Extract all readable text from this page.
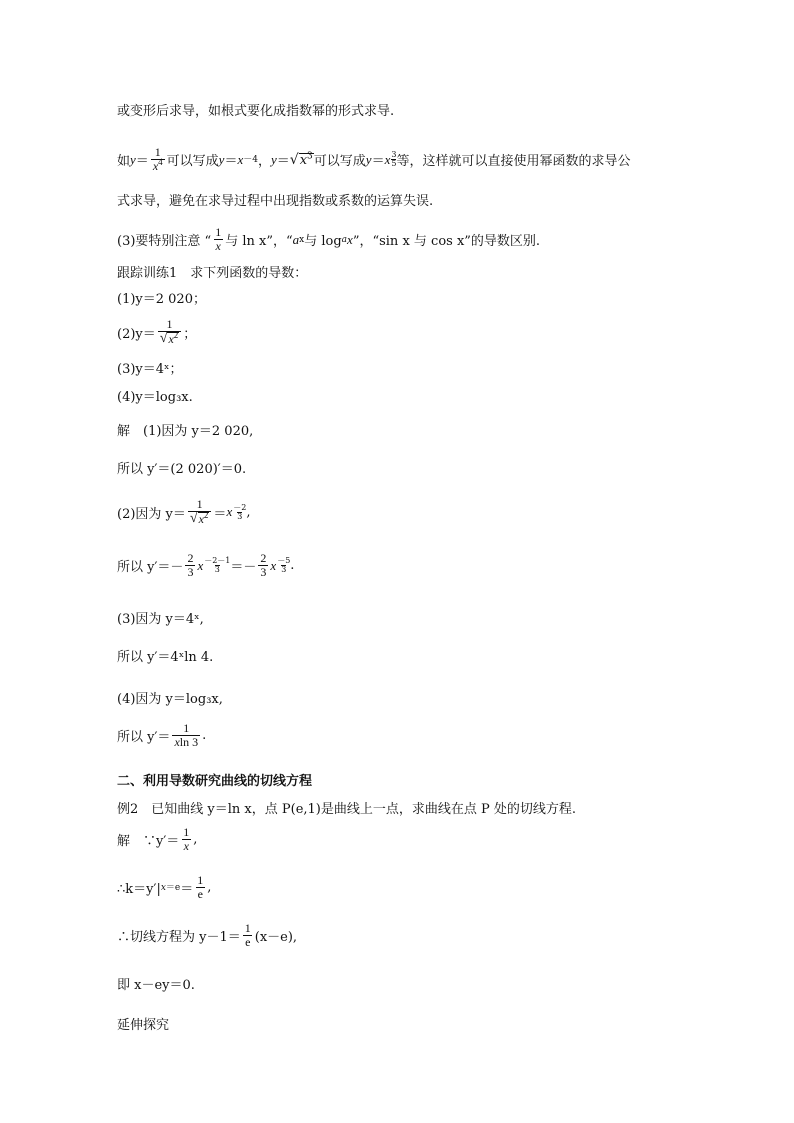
或变形后求导，如根式要化成指数幂的形式求导.
如 $y = \frac{1}{x^4}$ 可以写成 y ＝ x －4 ， y ＝ √ $x^3$ 可以写成 y ＝ x 3
5 等，这样就可以直接使用幂函数的求导公
式求导，避免在求导过程中出现指数或系数的运算失误.
(3)要特别注意 “ $\frac{1}{x}$ 与 ln x”，“ a x 与 log a x ”，“sin x 与 cos x”的导数区别.
跟踪训练1　求下列函数的导数：
(1)y＝2 020；
$(2)y= \frac{1}{√ x^2}$ ；
(3)y＝4ˣ；
(4)y＝log₃x.
解　(1)因为 y＝2 020,
所以 y′＝(2 020)′＝0.
(2)因为 $y= \frac{1}{√ x^2} = x -2$
3 ,
所以 $y'=- \frac{2}{3}$ x －2－1
$3 =- \frac{2}{3}$ x －5
3 .
(3)因为 y＝4ˣ,
所以 y′＝4ˣln 4.
(4)因为 y＝log₃x,
所以 $y'= \frac{1}{xln 3}$ .
二、利用导数研究曲线的切线方程
例2　已知曲线 y＝ln x，点 P(e,1)是曲线上一点，求曲线在点 P 处的切线方程.
解　∵y′＝ $\frac{1}{x}$ ,
∴k＝y′| $x=e = \frac{1}{e}$ ,
∴切线方程为 $y-1= \frac{1}{e} (x-e)$,
即 x－ey＝0.
延伸探究
